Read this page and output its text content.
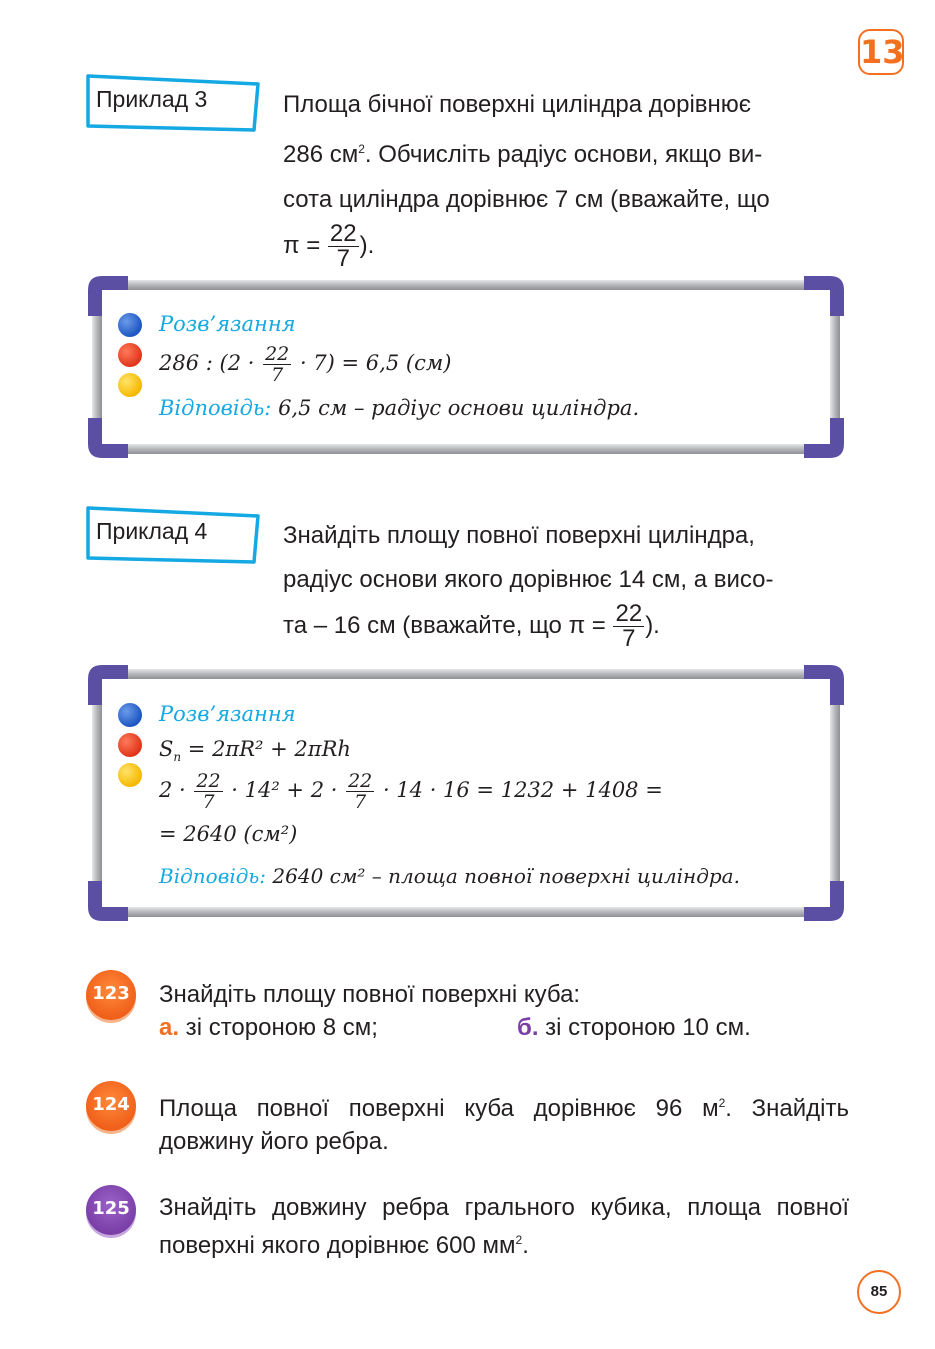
13
Приклад 3	Площа бічної поверхні циліндра дорівнює

286 $см^2$. Обчисліть радіус основи, якщо ви-

сота циліндра дорівнює 7 см (вважайте, що

$\pi = \frac{22}{7}$ ).

Розв’язання
286 : $(2 \cdot \frac{22}{7} \cdot 7) = 6,5$ (см)
Відповідь: 6,5 см – радіус основи циліндра.
Приклад 4	Знайдіть площу повної поверхні циліндра,

радіус основи якого дорівнює 14 см, а висо-

та – 16 см (вважайте, що $\pi = \frac{22}{7}$ ).

Розв’язання
$S_п = 2\pi R^2 + 2\pi Rh$
$2 \cdot \frac{22}{7} \cdot 14^2 + 2 \cdot \frac{22}{7} \cdot 14 \cdot 16 = 1232 + 1408$ =
= 2640 (см²)
Відповідь: 2640 см² – площа повної поверхні циліндра.
123 Знайдіть площу повної поверхні куба:

а. зі стороною 8 см;	б. зі стороною 10 см.

124 Площа повної поверхні куба дорівнює 96 $м^2$. Знайдіть довжину його ребра.

125 Знайдіть довжину ребра грального кубика, площа повної поверхні якого дорівнює 600 $мм^2$.

85
